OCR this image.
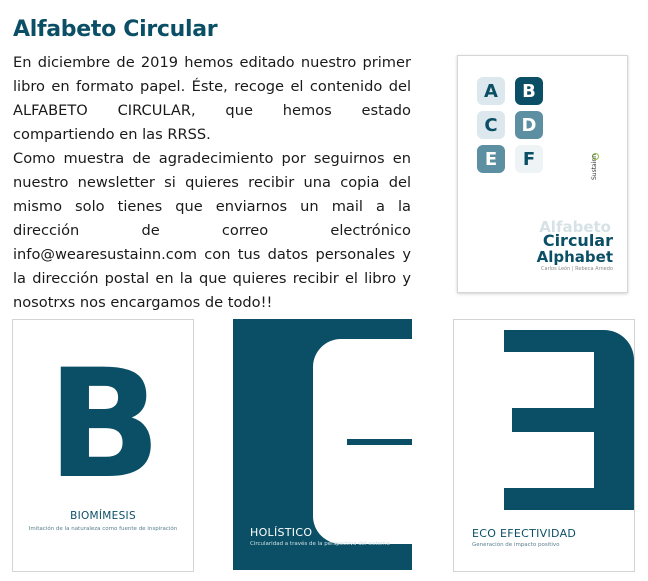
Alfabeto Circular

En diciembre de 2019 hemos editado nuestro primer libro en formato papel. Éste, recoge el contenido del ALFABETO CIRCULAR, que hemos estado compartiendo en las RRSS.

Como muestra de agradecimiento por seguirnos en nuestro newsletter si quieres recibir una copia del mismo solo tienes que enviarnos un mail a la dirección de correo electrónico info@wearesustainn.com con tus datos personales y la dirección postal en la que quieres recibir el libro y nosotrxs nos encargamos de todo!!

A	B
C	D
E	F	Sustainn
Alfabeto
Circular
Alphabet
Carlos León | Rebeca Arnedo
B
BIOMÍMESIS
Imitación de la naturaleza como fuente de inspiración	HOLÍSTICO
Circularidad a través de la perspectiva del sistema
ECO EFECTIVIDAD
Generación de impacto positivo
